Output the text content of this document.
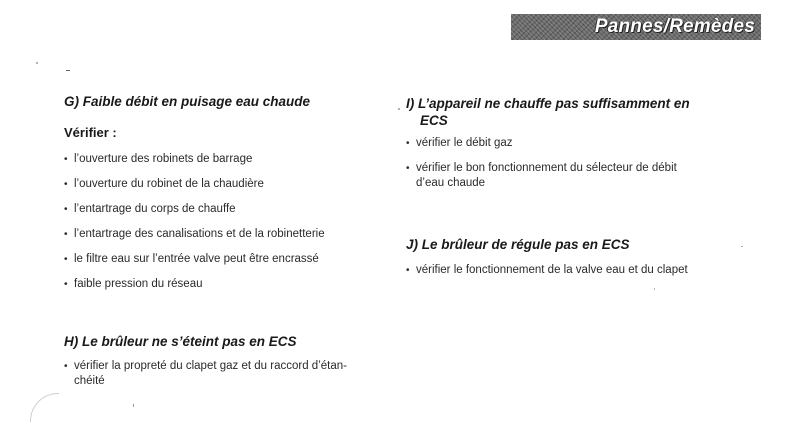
Pannes/Remèdes
G) Faible débit en puisage eau chaude
Vérifier :
• l’ouverture des robinets de barrage
• l’ouverture du robinet de la chaudière
• l’entartrage du corps de chauffe
• l’entartrage des canalisations et de la robinetterie
• le filtre eau sur l’entrée valve peut être encrassé
• faible pression du réseau
H) Le brûleur ne s’éteint pas en ECS
• vérifier la propreté du clapet gaz et du raccord d’étan-
chéité
I) L’appareil ne chauffe pas suffisamment en
ECS
• vérifier le débit gaz
• vérifier le bon fonctionnement du sélecteur de débit
d’eau chaude
J) Le brûleur de régule pas en ECS
• vérifier le fonctionnement de la valve eau et du clapet
